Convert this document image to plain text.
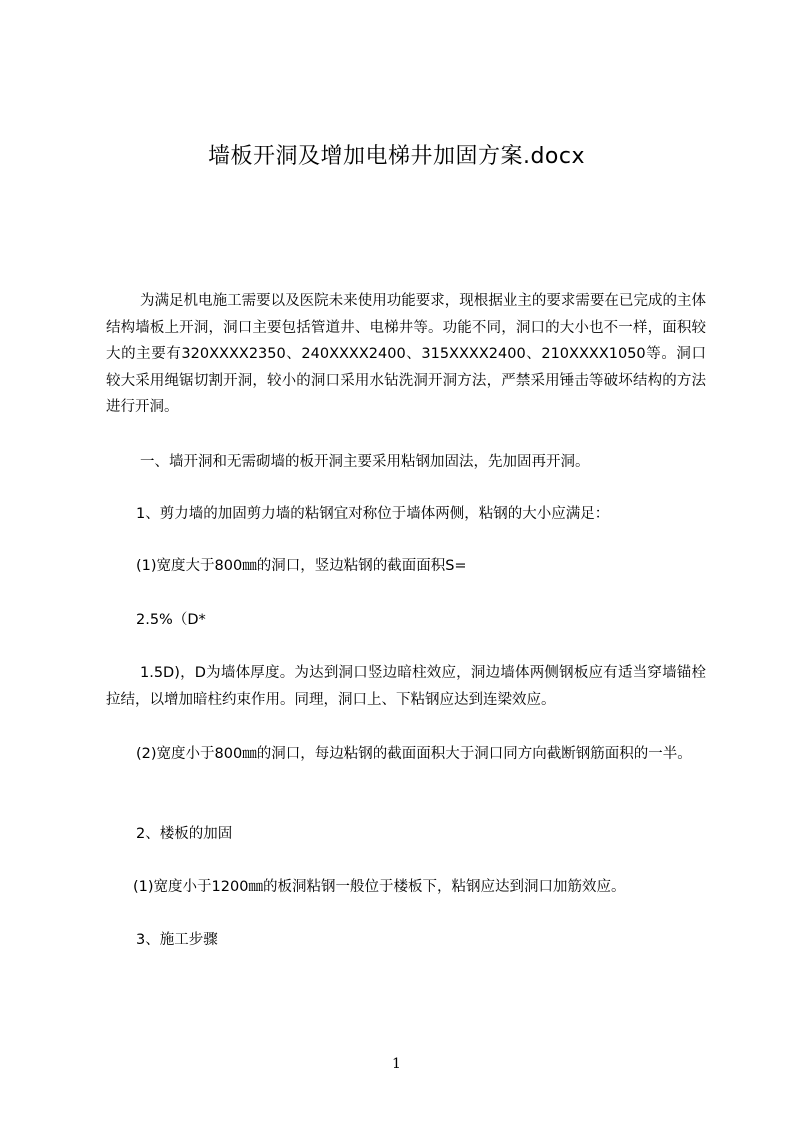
墙板开洞及增加电梯井加固方案.docx
为满足机电施工需要以及医院未来使用功能要求，现根据业主的要求需要在已完成的主体结构墙板上开洞，洞口主要包括管道井、电梯井等。功能不同，洞口的大小也不一样，面积较大的主要有320XXXX2350、240XXXX2400、315XXXX2400、210XXXX1050等。洞口较大采用绳锯切割开洞，较小的洞口采用水钻洗洞开洞方法，严禁采用锤击等破坏结构的方法进行开洞。
一、墙开洞和无需砌墙的板开洞主要采用粘钢加固法，先加固再开洞。
1、剪力墙的加固剪力墙的粘钢宜对称位于墙体两侧，粘钢的大小应满足：
(1)宽度大于800㎜的洞口，竖边粘钢的截面面积S=
2.5%（D*
1.5D)，D为墙体厚度。为达到洞口竖边暗柱效应，洞边墙体两侧钢板应有适当穿墙锚栓拉结，以增加暗柱约束作用。同理，洞口上、下粘钢应达到连梁效应。
(2)宽度小于800㎜的洞口，每边粘钢的截面面积大于洞口同方向截断钢筋面积的一半。
2、楼板的加固
(1)宽度小于1200㎜的板洞粘钢一般位于楼板下，粘钢应达到洞口加筋效应。
3、施工步骤
1
